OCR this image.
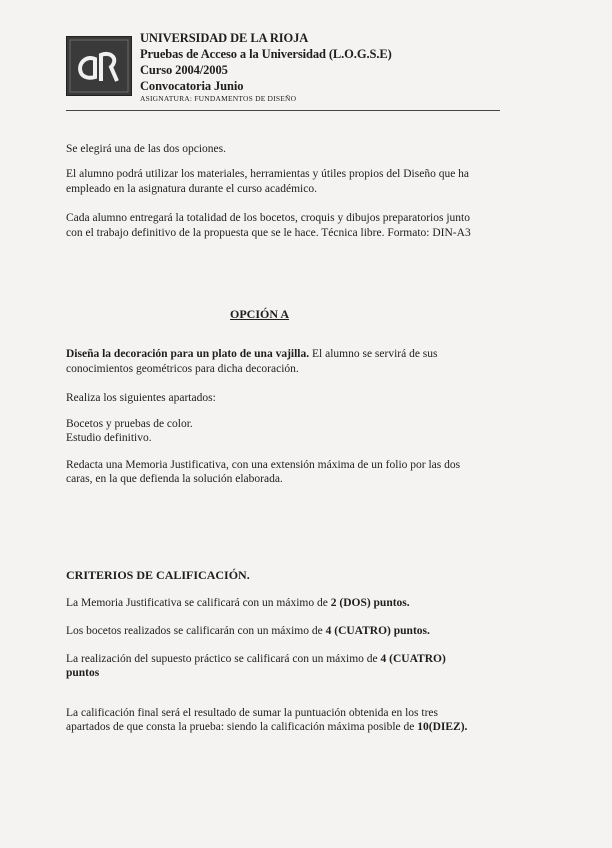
UNIVERSIDAD DE LA RIOJA
Pruebas de Acceso a la Universidad (L.O.G.S.E)
Curso 2004/2005
Convocatoria Junio
ASIGNATURA: FUNDAMENTOS DE DISEÑO
Se elegirá una de las dos opciones.
El alumno podrá utilizar los materiales, herramientas y útiles propios del Diseño que ha
empleado en la asignatura durante el curso académico.
Cada alumno entregará la totalidad de los bocetos, croquis y dibujos preparatorios junto
con el trabajo definitivo de la propuesta que se le hace. Técnica libre. Formato: DIN-A3
OPCIÓN A
Diseña la decoración para un plato de una vajilla. El alumno se servirá de sus
conocimientos geométricos para dicha decoración.
Realiza los siguientes apartados:
Bocetos y pruebas de color.
Estudio definitivo.
Redacta una Memoria Justificativa, con una extensión máxima de un folio por las dos
caras, en la que defienda la solución elaborada.
CRITERIOS DE CALIFICACIÓN.
La Memoria Justificativa se calificará con un máximo de 2 (DOS) puntos.
Los bocetos realizados se calificarán con un máximo de 4 (CUATRO) puntos.
La realización del supuesto práctico se calificará con un máximo de 4 (CUATRO)
puntos
La calificación final será el resultado de sumar la puntuación obtenida en los tres
apartados de que consta la prueba: siendo la calificación máxima posible de 10(DIEZ).
